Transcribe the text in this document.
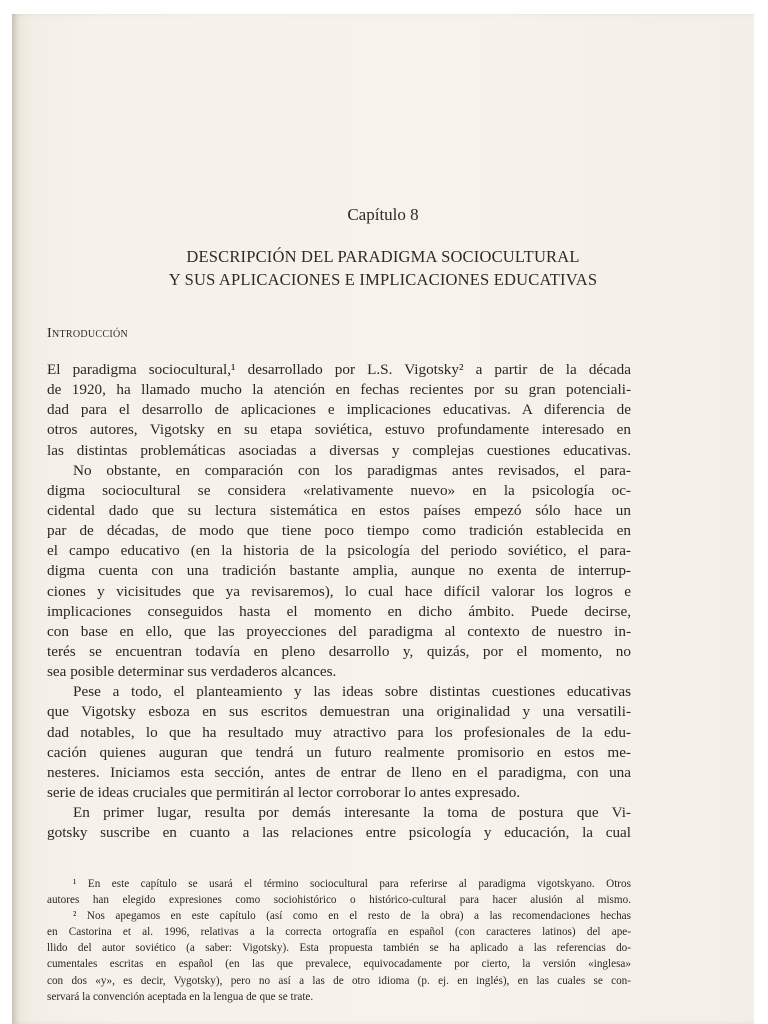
Capítulo 8
DESCRIPCIÓN DEL PARADIGMA SOCIOCULTURAL
Y SUS APLICACIONES E IMPLICACIONES EDUCATIVAS
Introducción
El paradigma sociocultural,¹ desarrollado por L.S. Vigotsky² a partir de la década
de 1920, ha llamado mucho la atención en fechas recientes por su gran potenciali-
dad para el desarrollo de aplicaciones e implicaciones educativas. A diferencia de
otros autores, Vigotsky en su etapa soviética, estuvo profundamente interesado en
las distintas problemáticas asociadas a diversas y complejas cuestiones educativas.
No obstante, en comparación con los paradigmas antes revisados, el para-
digma sociocultural se considera «relativamente nuevo» en la psicología oc-
cidental dado que su lectura sistemática en estos países empezó sólo hace un
par de décadas, de modo que tiene poco tiempo como tradición establecida en
el campo educativo (en la historia de la psicología del periodo soviético, el para-
digma cuenta con una tradición bastante amplia, aunque no exenta de interrup-
ciones y vicisitudes que ya revisaremos), lo cual hace difícil valorar los logros e
implicaciones conseguidos hasta el momento en dicho ámbito. Puede decirse,
con base en ello, que las proyecciones del paradigma al contexto de nuestro in-
terés se encuentran todavía en pleno desarrollo y, quizás, por el momento, no
sea posible determinar sus verdaderos alcances.
Pese a todo, el planteamiento y las ideas sobre distintas cuestiones educativas
que Vigotsky esboza en sus escritos demuestran una originalidad y una versatili-
dad notables, lo que ha resultado muy atractivo para los profesionales de la edu-
cación quienes auguran que tendrá un futuro realmente promisorio en estos me-
nesteres. Iniciamos esta sección, antes de entrar de lleno en el paradigma, con una
serie de ideas cruciales que permitirán al lector corroborar lo antes expresado.
En primer lugar, resulta por demás interesante la toma de postura que Vi-
gotsky suscribe en cuanto a las relaciones entre psicología y educación, la cual
¹ En este capítulo se usará el término sociocultural para referirse al paradigma vigotskyano. Otros
autores han elegido expresiones como sociohistórico o histórico-cultural para hacer alusión al mismo.
² Nos apegamos en este capítulo (así como en el resto de la obra) a las recomendaciones hechas
en Castorina et al. 1996, relativas a la correcta ortografía en español (con caracteres latinos) del ape-
llido del autor soviético (a saber: Vigotsky). Esta propuesta también se ha aplicado a las referencias do-
cumentales escritas en español (en las que prevalece, equivocadamente por cierto, la versión «inglesa»
con dos «y», es decir, Vygotsky), pero no así a las de otro idioma (p. ej. en inglés), en las cuales se con-
servará la convención aceptada en la lengua de que se trate.
